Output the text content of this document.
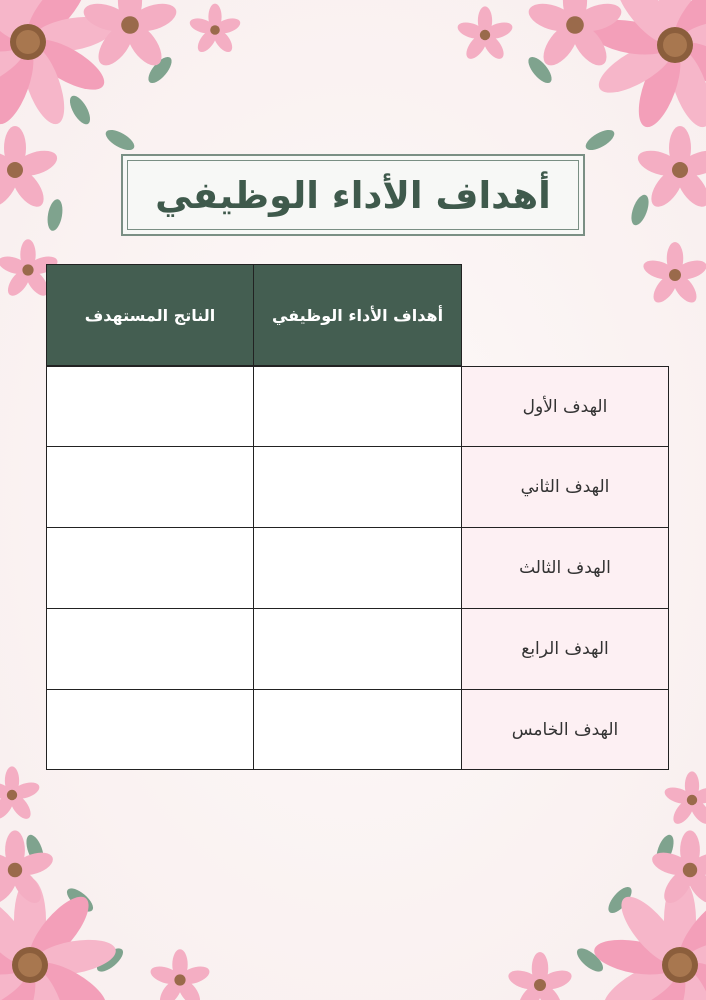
أهداف الأداء الوظيفي
أهداف الأداء الوظيفي
الناتج المستهدف
الهدف الأول
الهدف الثاني
الهدف الثالث
الهدف الرابع
الهدف الخامس
